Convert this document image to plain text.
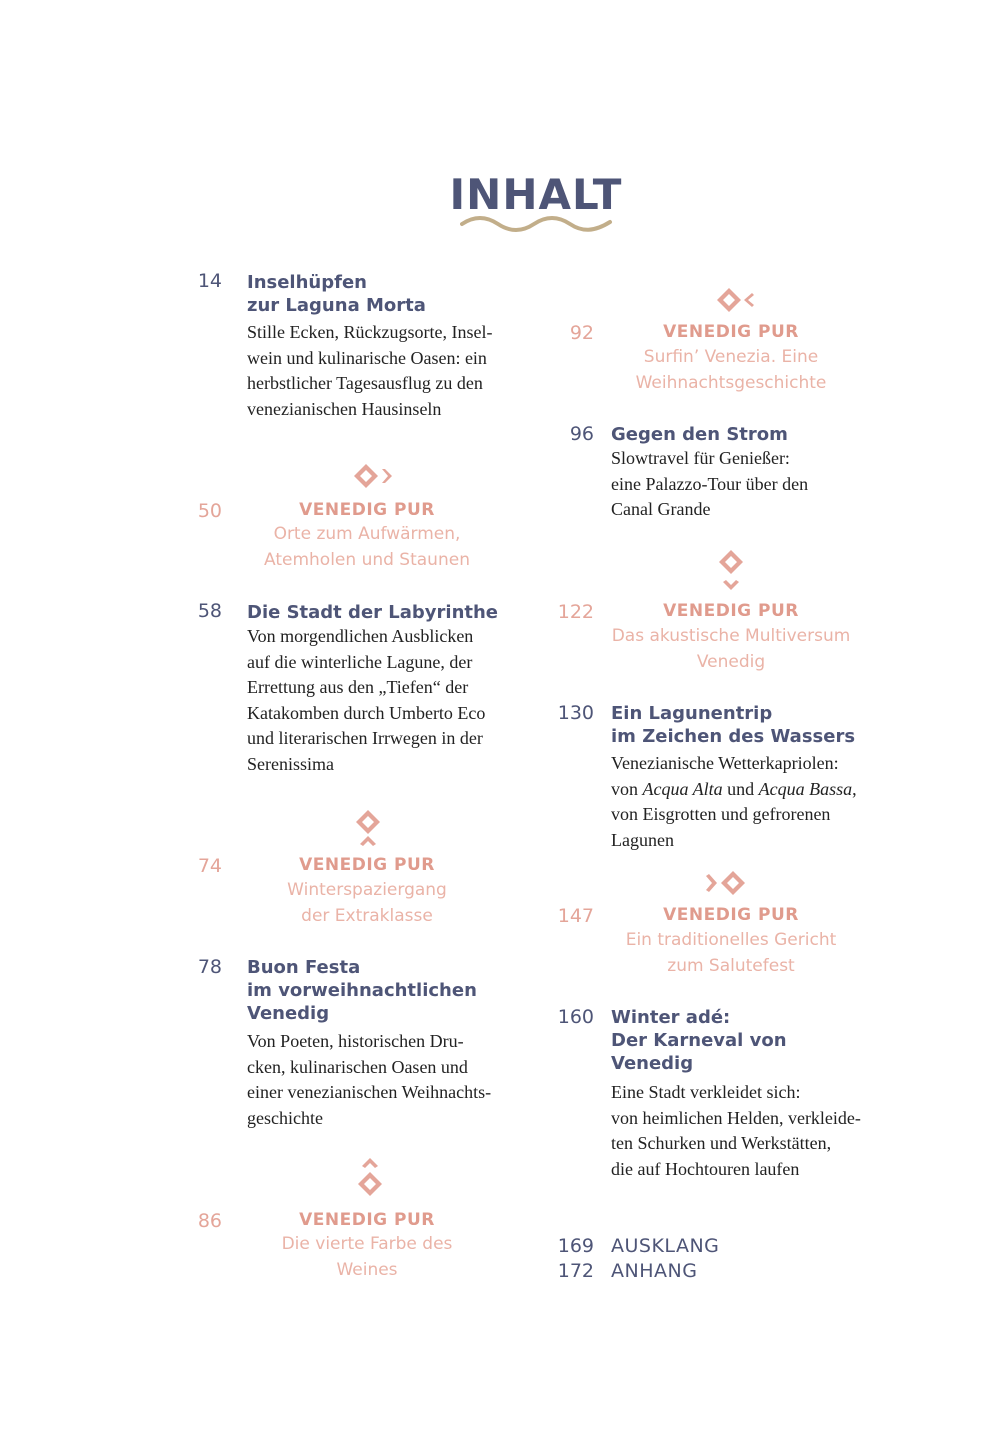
INHALT
14 Inselhüpfen
zur Laguna Morta
Stille Ecken, Rückzugsorte, Insel-
wein und kulinarische Oasen: ein
herbstlicher Tagesausflug zu den
venezianischen Hausinseln
50	VENEDIG PUR
Orte zum Aufwärmen,
Atemholen und Staunen
58 Die Stadt der Labyrinthe
Von morgendlichen Ausblicken
auf die winterliche Lagune, der
Errettung aus den „Tiefen“ der
Katakomben durch Umberto Eco
und literarischen Irrwegen in der
Serenissima
74	VENEDIG PUR
Winterspaziergang
der Extraklasse
78 Buon Festa
im vorweihnachtlichen
Venedig
Von Poeten, historischen Dru-
cken, kulinarischen Oasen und
einer venezianischen Weihnachts-
geschichte
86	VENEDIG PUR
Die vierte Farbe des
Weines
92	VENEDIG PUR
Surfin’ Venezia. Eine
Weihnachtsgeschichte
96 Gegen den Strom
Slowtravel für Genießer:
eine Palazzo-Tour über den
Canal Grande
122	VENEDIG PUR
Das akustische Multiversum
Venedig
130 Ein Lagunentrip
im Zeichen des Wassers
Venezianische Wetterkapriolen:
von Acqua Alta und Acqua Bassa,
von Eisgrotten und gefrorenen
Lagunen
147	VENEDIG PUR
Ein traditionelles Gericht
zum Salutefest
160 Winter adé:
Der Karneval von
Venedig
Eine Stadt verkleidet sich:
von heimlichen Helden, verkleide-
ten Schurken und Werkstätten,
die auf Hochtouren laufen
169 AUSKLANG
172 ANHANG
